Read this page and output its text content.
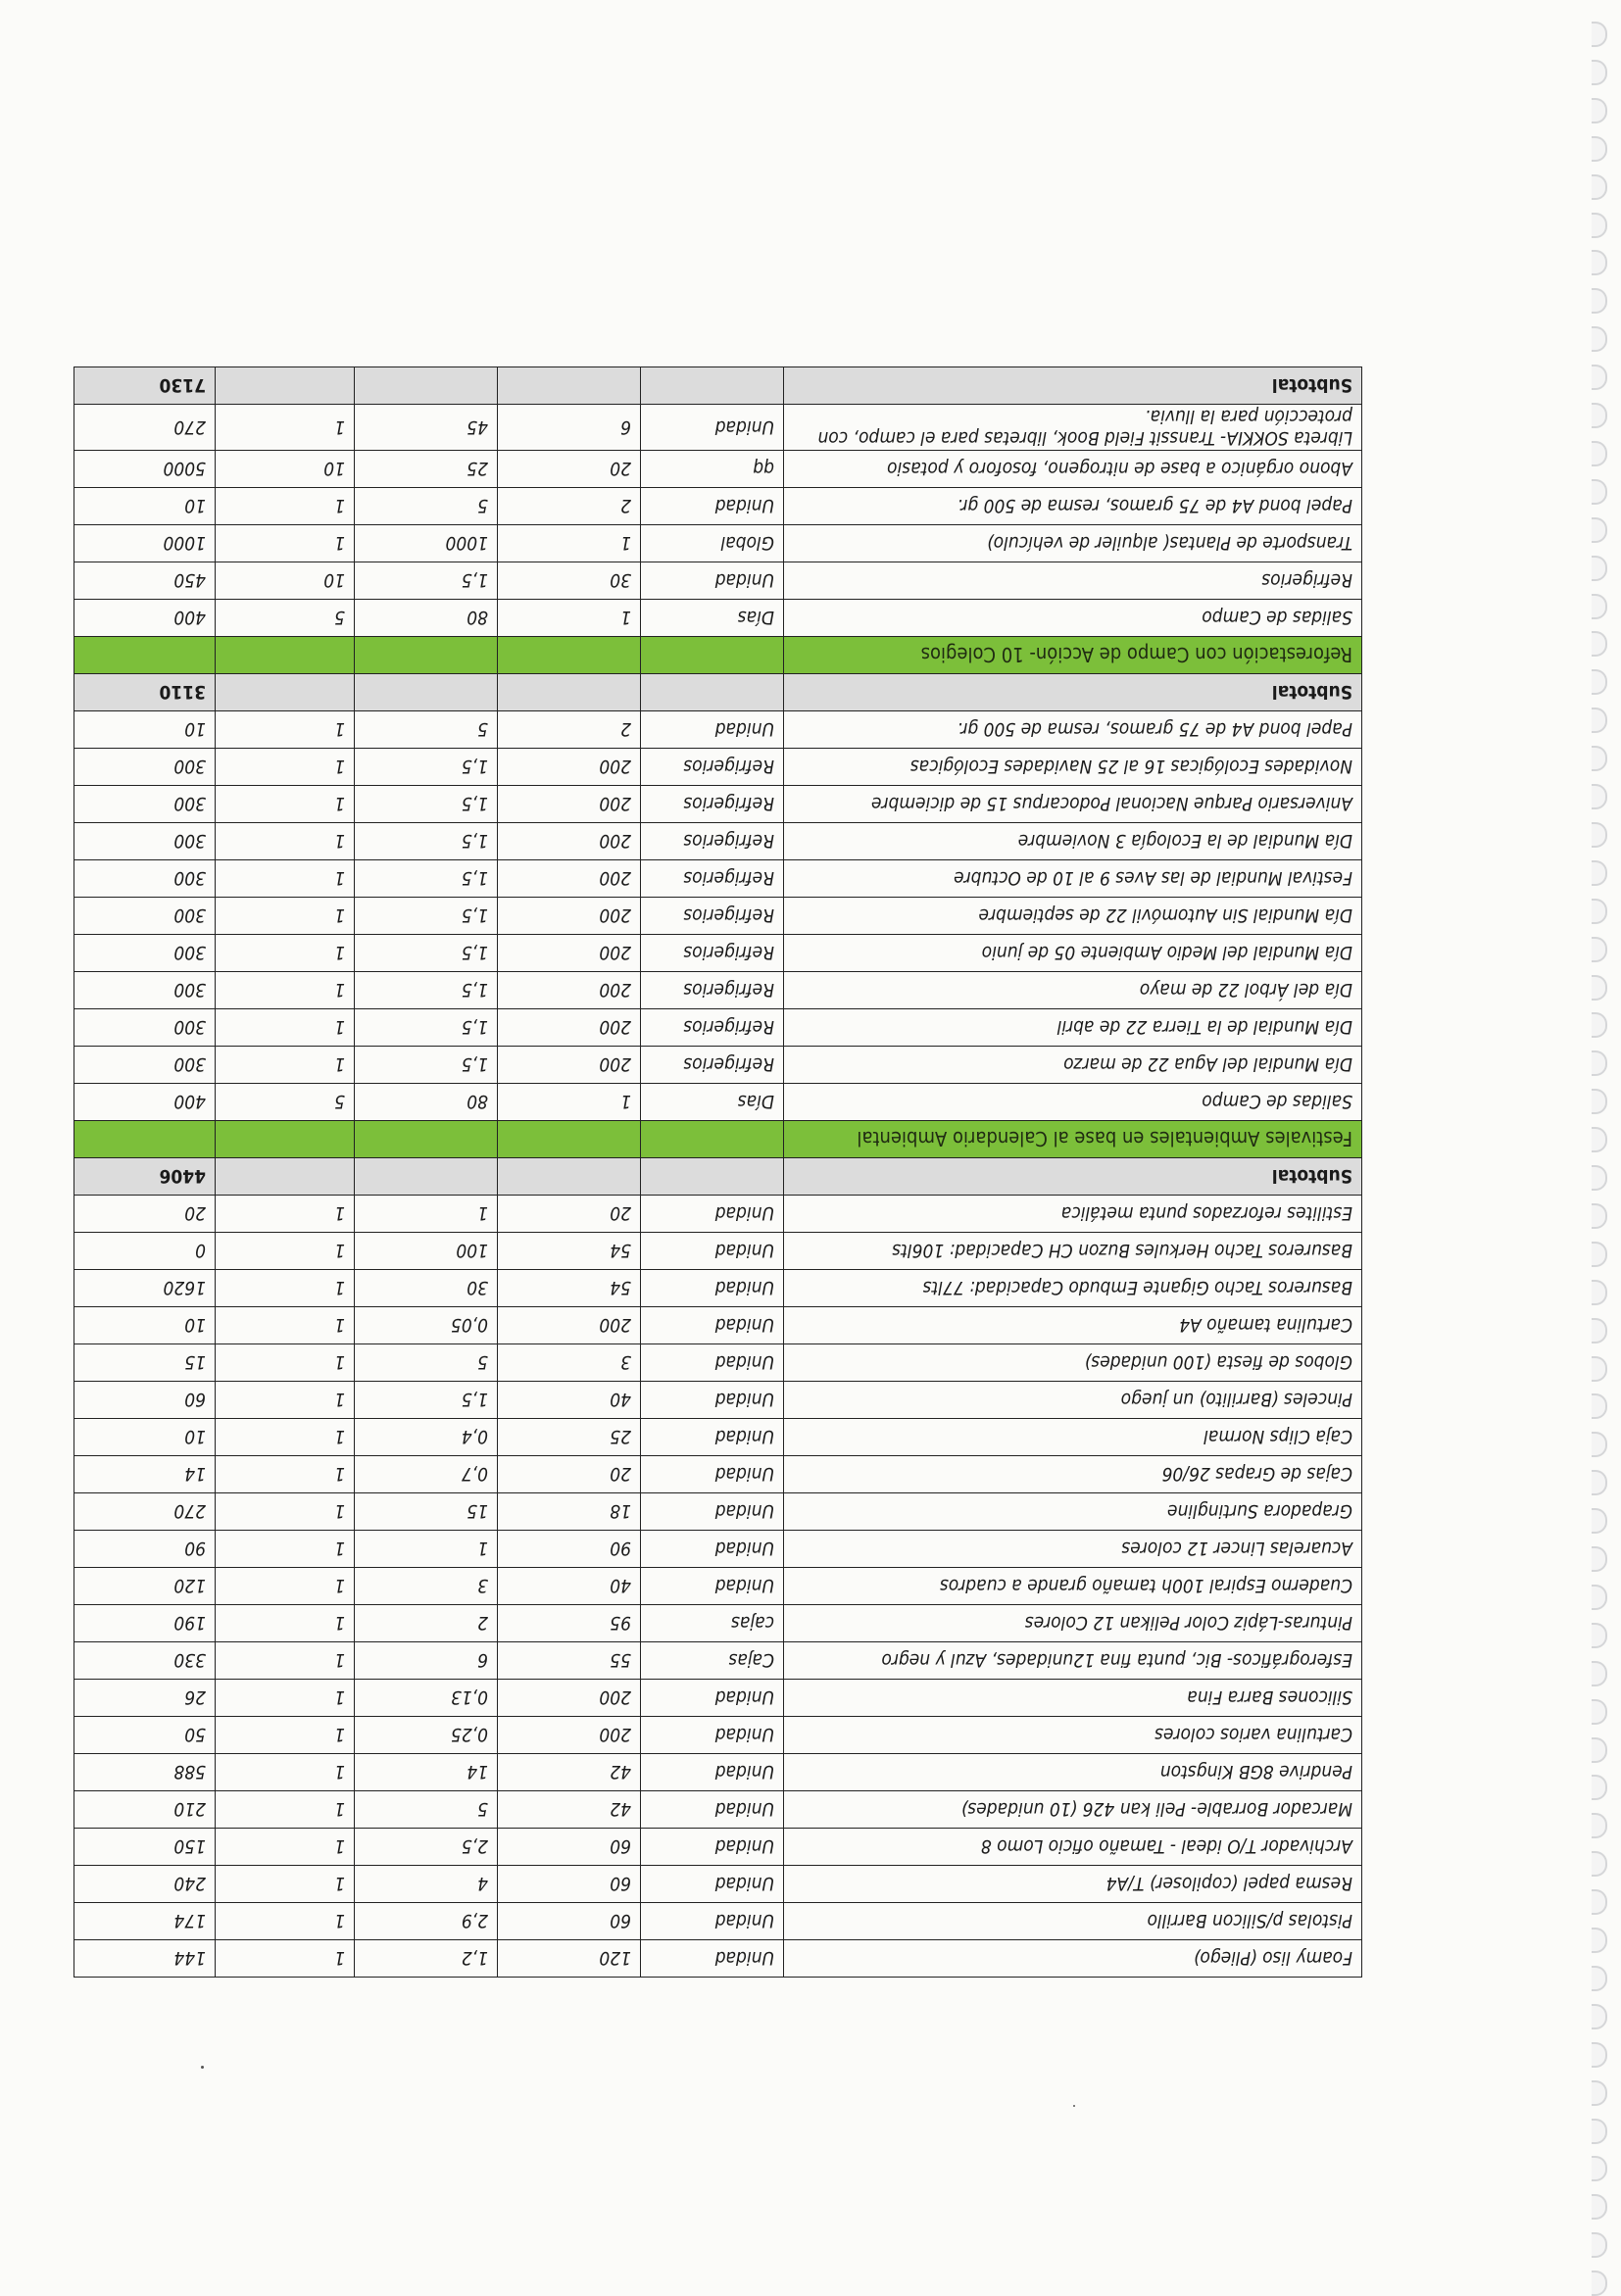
Foamy liso (Pliego)	Unidad	120	1,2	1	144
Pistolas p/Silicon Barrillo	Unidad	60	2,9	1	174
Resma papel (copiloser) T/A4	Unidad	60	4	1	240
Archivador T/O ideal - Tamaño oficio Lomo 8	Unidad	60	2,5	1	150
Marcador Borrable- Peli kan 426 (10 unidades)	Unidad	42	5	1	210
Pendrive 8GB Kingston	Unidad	42	14	1	588
Cartulina varios colores	Unidad	200	0,25	1	50
Silicones Barra Fina	Unidad	200	0,13	1	26
Esferográficos- Bic, punta fina 12unidades, Azul y negro	Cajas	55	6	1	330
Pinturas-Lápiz Color Pelikan 12 Colores	cajas	95	2	1	190
Cuaderno Espiral 100h tamaño grande a cuadros	Unidad	40	3	1	120
Acuarelas Lincer 12 colores	Unidad	90	1	1	90
Grapadora Surtingline	Unidad	18	15	1	270
Cajas de Grapas 26/06	Unidad	20	0,7	1	14
Caja Clips Normal	Unidad	25	0,4	1	10
Pinceles (Barrilito) un juego	Unidad	40	1,5	1	60
Globos de fiesta (100 unidades)	Unidad	3	5	1	15
Cartulina tamaño A4	Unidad	200	0,05	1	10
Basureros Tacho Gigante Embudo Capacidad: 77lts	Unidad	54	30	1	1620
Basureros Tacho Herkules Buzon CH Capacidad: 106lts	Unidad	54	100	1	0
Estilites reforzados punta metálica	Unidad	20	1	1	20
Subtotal					4406
Festivales Ambientales en base al Calendario Ambiental					
Salidas de Campo	Días	1	80	5	400
Día Mundial del Agua 22 de marzo	Refrigerios	200	1,5	1	300
Día Mundial de la Tierra 22 de abril	Refrigerios	200	1,5	1	300
Día del Árbol 22 de mayo	Refrigerios	200	1,5	1	300
Día Mundial del Medio Ambiente 05 de junio	Refrigerios	200	1,5	1	300
Día Mundial Sin Automóvil 22 de septiembre	Refrigerios	200	1,5	1	300
Festival Mundial de las Aves 9 al 10 de Octubre	Refrigerios	200	1,5	1	300
Día Mundial de la Ecología 3 Noviembre	Refrigerios	200	1,5	1	300
Aniversario Parque Nacional Podocarpus 15 de diciembre	Refrigerios	200	1,5	1	300
Novidades Ecológicas 16 al 25 Navidades Ecológicas	Refrigerios	200	1,5	1	300
Papel bond A4 de 75 gramos, resma de 500 gr.	Unidad	2	5	1	10
Subtotal					3110
Reforestación con Campo de Acción- 10 Colegios					
Salidas de Campo	Días	1	80	5	400
Refrigerios	Unidad	30	1,5	10	450
Transporte de Plantas( alquiler de vehículo)	Global	1	1000	1	1000
Papel bond A4 de 75 gramos, resma de 500 gr.	Unidad	2	5	1	10
Abono orgánico a base de nitrogeno, fosoforo y potasio	qq	20	25	10	5000
Libreta SOKKIA- Transsit Field Book, libretas para el campo, con protección para la lluvia.	Unidad	6	45	1	270
Subtotal					7130
